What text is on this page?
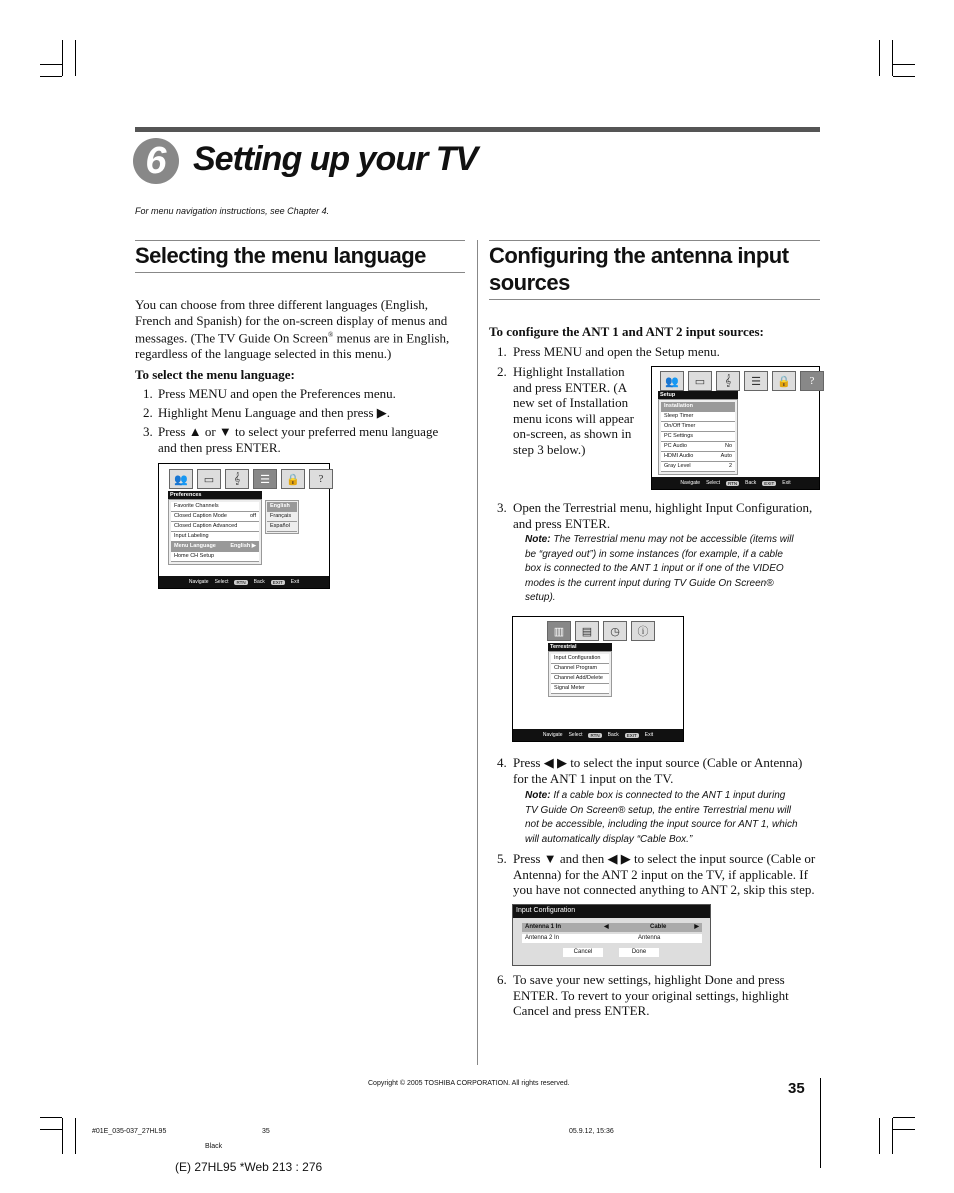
6 Setting up your TV
For menu navigation instructions, see Chapter 4.
Selecting the menu language
You can choose from three different languages (English, French and Spanish) for the on-screen display of menus and messages. (The TV Guide On Screen® menus are in English, regardless of the language selected in this menu.)
To select the menu language:
1. Press MENU and open the Preferences menu.
2. Highlight Menu Language and then press ▶.
3. Press ▲ or ▼ to select your preferred menu language and then press ENTER.
👥	▭	𝄞	☰	🔒	?
Preferences
Favorite Channels
Closed Caption Mode	off
Closed Caption Advanced
Input Labeling
Menu Language	English ▶
Home CH Setup
English
Français
Español
Navigate Select	RTN	Back	EXIT	Exit
Configuring the antenna input
sources
To configure the ANT 1 and ANT 2 input sources:
1. Press MENU and open the Setup menu.
2. Highlight Installation and press ENTER. (A new set of Installation menu icons will appear on-screen, as shown in step 3 below.)
👥	▭	𝄞	☰	🔒	?
Setup
Installation
Sleep Timer
On/Off Timer
PC Settings
PC Audio	No
HDMI Audio	Auto
Gray Level	2
Navigate Select	RTN	Back	EXIT	Exit
3. Open the Terrestrial menu, highlight Input Configuration, and press ENTER.
Note: The Terrestrial menu may not be accessible (items will be “grayed out”) in some instances (for example, if a cable box is connected to the ANT 1 input or if one of the VIDEO modes is the current input during TV Guide On Screen® setup).
▥	▤	◷	ⓘ
Terrestrial
Input Configuration
Channel Program
Channel Add/Delete
Signal Meter
Navigate Select	RTN	Back	EXIT	Exit
4. Press ◀ ▶ to select the input source (Cable or Antenna) for the ANT 1 input on the TV.
Note: If a cable box is connected to the ANT 1 input during TV Guide On Screen® setup, the entire Terrestrial menu will not be accessible, including the input source for ANT 1, which will automatically display “Cable Box.”
5. Press ▼ and then ◀ ▶ to select the input source (Cable or Antenna) for the ANT 2 input on the TV, if applicable. If you have not connected anything to ANT 2, skip this step.
Input Configuration
Antenna 1 In	◀	Cable	▶
Antenna 2 In	Antenna
Cancel	Done
6. To save your new settings, highlight Done and press ENTER. To revert to your original settings, highlight Cancel and press ENTER.
Copyright © 2005 TOSHIBA CORPORATION. All rights reserved.	35
#01E_035-037_27HL95	35	05.9.12, 15:36
Black
(E) 27HL95 *Web 213 : 276
